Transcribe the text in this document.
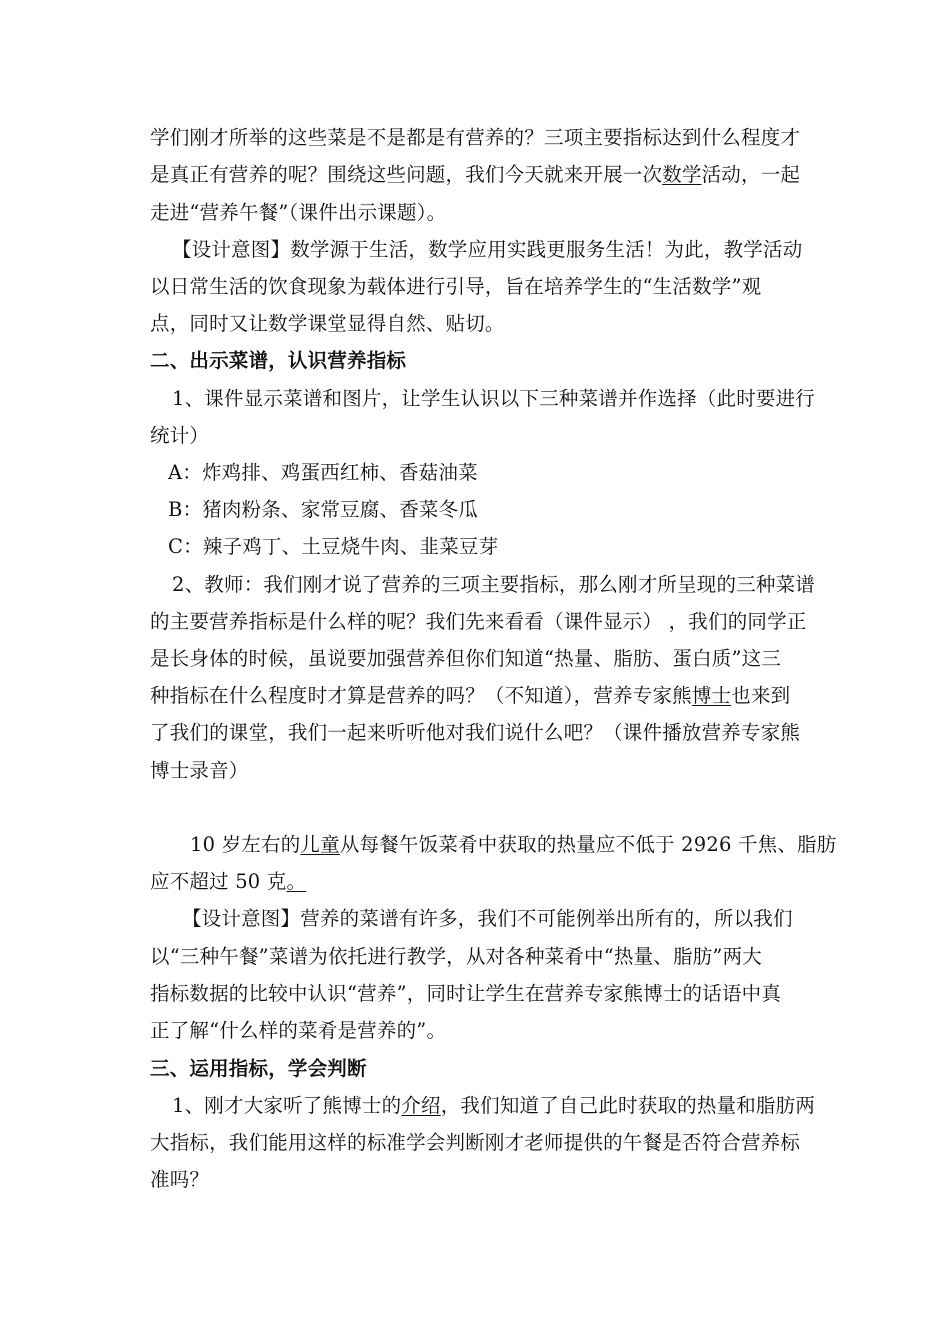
学们刚才所举的这些菜是不是都是有营养的？三项主要指标达到什么程度才
是真正有营养的呢？围绕这些问题，我们今天就来开展一次数学活动，一起
走进“营养午餐”（课件出示课题）。
【设计意图】数学源于生活，数学应用实践更服务生活！为此，教学活动
以日常生活的饮食现象为载体进行引导，旨在培养学生的“生活数学”观
点，同时又让数学课堂显得自然、贴切。
二、出示菜谱，认识营养指标
1、课件显示菜谱和图片，让学生认识以下三种菜谱并作选择（此时要进行
统计）
A：炸鸡排、鸡蛋西红柿、香菇油菜
B：猪肉粉条、家常豆腐、香菜冬瓜
C：辣子鸡丁、土豆烧牛肉、韭菜豆芽
2、教师：我们刚才说了营养的三项主要指标，那么刚才所呈现的三种菜谱
的主要营养指标是什么样的呢？我们先来看看（课件显示） ，我们的同学正
是长身体的时候，虽说要加强营养但你们知道“热量、脂肪、蛋白质”这三
种指标在什么程度时才算是营养的吗？（不知道），营养专家熊博士也来到
了我们的课堂，我们一起来听听他对我们说什么吧？（课件播放营养专家熊
博士录音）
10 岁左右的儿童从每餐午饭菜肴中获取的热量应不低于 2926 千焦、脂肪
应不超过 50 克。
【设计意图】营养的菜谱有许多，我们不可能例举出所有的，所以我们
以“三种午餐”菜谱为依托进行教学，从对各种菜肴中“热量、脂肪”两大
指标数据的比较中认识“营养”，同时让学生在营养专家熊博士的话语中真
正了解“什么样的菜肴是营养的”。
三、运用指标，学会判断
1、刚才大家听了熊博士的介绍，我们知道了自己此时获取的热量和脂肪两
大指标，我们能用这样的标准学会判断刚才老师提供的午餐是否符合营养标
准吗？
